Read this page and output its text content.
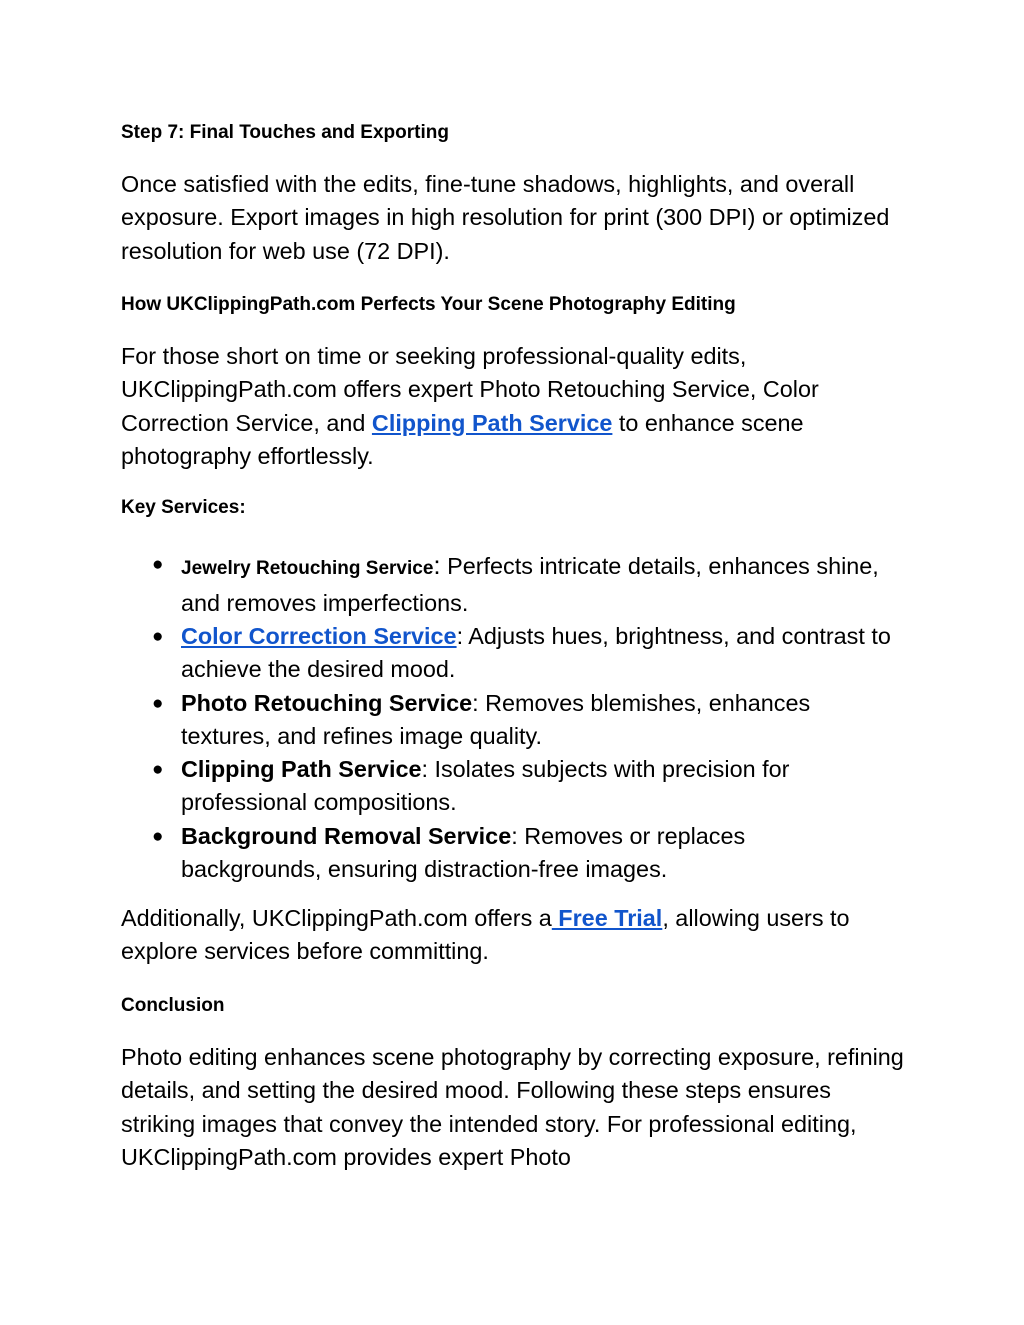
Step 7: Final Touches and Exporting

Once satisfied with the edits, fine-tune shadows, highlights, and overall exposure. Export images in high resolution for print (300 DPI) or optimized resolution for web use (72 DPI).

How UKClippingPath.com Perfects Your Scene Photography Editing

For those short on time or seeking professional-quality edits, UKClippingPath.com offers expert Photo Retouching Service, Color Correction Service, and Clipping Path Service to enhance scene photography effortlessly.

Key Services:
● Jewelry Retouching Service: Perfects intricate details, enhances shine, and removes imperfections.
● Color Correction Service: Adjusts hues, brightness, and contrast to achieve the desired mood.
● Photo Retouching Service: Removes blemishes, enhances textures, and refines image quality.
● Clipping Path Service: Isolates subjects with precision for professional compositions.
● Background Removal Service: Removes or replaces backgrounds, ensuring distraction-free images.

Additionally, UKClippingPath.com offers a Free Trial, allowing users to explore services before committing.

Conclusion

Photo editing enhances scene photography by correcting exposure, refining details, and setting the desired mood. Following these steps ensures striking images that convey the intended story. For professional editing, UKClippingPath.com provides expert Photo
